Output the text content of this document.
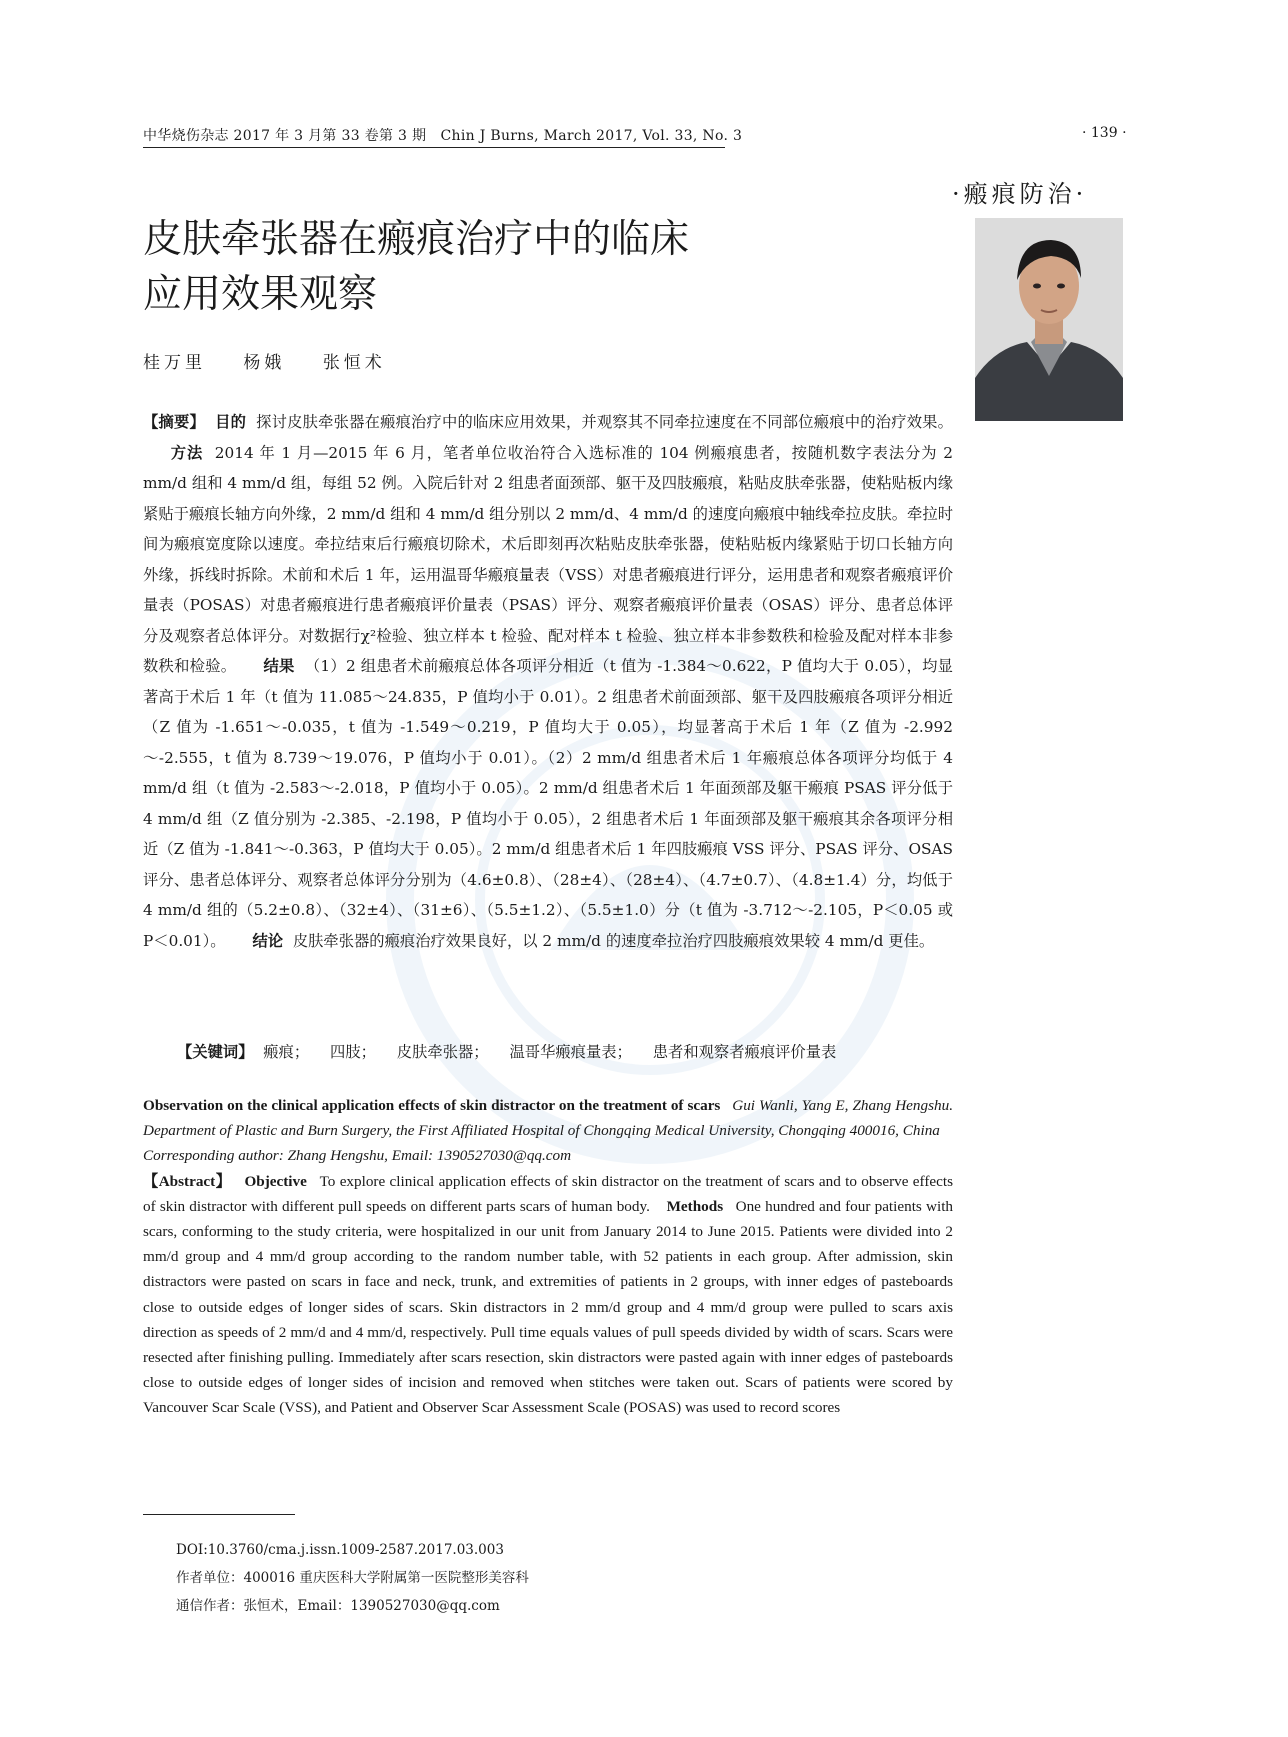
中华烧伤杂志 2017 年 3 月第 33 卷第 3 期 Chin J Burns, March 2017, Vol. 33, No. 3	· 139 ·
·瘢痕防治·
皮肤牵张器在瘢痕治疗中的临床
应用效果观察
桂万里 杨娥 张恒术
【摘要】 目的 探讨皮肤牵张器在瘢痕治疗中的临床应用效果，并观察其不同牵拉速度在不同部位瘢痕中的治疗效果。 方法 2014 年 1 月—2015 年 6 月，笔者单位收治符合入选标准的 104 例瘢痕患者，按随机数字表法分为 2 mm/d 组和 4 mm/d 组，每组 52 例。入院后针对 2 组患者面颈部、躯干及四肢瘢痕，粘贴皮肤牵张器，使粘贴板内缘紧贴于瘢痕长轴方向外缘，2 mm/d 组和 4 mm/d 组分别以 2 mm/d、4 mm/d 的速度向瘢痕中轴线牵拉皮肤。牵拉时间为瘢痕宽度除以速度。牵拉结束后行瘢痕切除术，术后即刻再次粘贴皮肤牵张器，使粘贴板内缘紧贴于切口长轴方向外缘，拆线时拆除。术前和术后 1 年，运用温哥华瘢痕量表（VSS）对患者瘢痕进行评分，运用患者和观察者瘢痕评价量表（POSAS）对患者瘢痕进行患者瘢痕评价量表（PSAS）评分、观察者瘢痕评价量表（OSAS）评分、患者总体评分及观察者总体评分。对数据行χ²检验、独立样本 t 检验、配对样本 t 检验、独立样本非参数秩和检验及配对样本非参数秩和检验。 结果 （1）2 组患者术前瘢痕总体各项评分相近（t 值为 -1.384～0.622，P 值均大于 0.05），均显著高于术后 1 年（t 值为 11.085～24.835，P 值均小于 0.01）。2 组患者术前面颈部、躯干及四肢瘢痕各项评分相近（Z 值为 -1.651～-0.035，t 值为 -1.549～0.219，P 值均大于 0.05），均显著高于术后 1 年（Z 值为 -2.992～-2.555，t 值为 8.739～19.076，P 值均小于 0.01）。（2）2 mm/d 组患者术后 1 年瘢痕总体各项评分均低于 4 mm/d 组（t 值为 -2.583～-2.018，P 值均小于 0.05）。2 mm/d 组患者术后 1 年面颈部及躯干瘢痕 PSAS 评分低于 4 mm/d 组（Z 值分别为 -2.385、-2.198，P 值均小于 0.05），2 组患者术后 1 年面颈部及躯干瘢痕其余各项评分相近（Z 值为 -1.841～-0.363，P 值均大于 0.05）。2 mm/d 组患者术后 1 年四肢瘢痕 VSS 评分、PSAS 评分、OSAS 评分、患者总体评分、观察者总体评分分别为（4.6±0.8）、（28±4）、（28±4）、（4.7±0.7）、（4.8±1.4）分，均低于 4 mm/d 组的（5.2±0.8）、（32±4）、（31±6）、（5.5±1.2）、（5.5±1.0）分（t 值为 -3.712～-2.105，P＜0.05 或 P＜0.01）。 结论 皮肤牵张器的瘢痕治疗效果良好，以 2 mm/d 的速度牵拉治疗四肢瘢痕效果较 4 mm/d 更佳。
【关键词】 瘢痕； 四肢； 皮肤牵张器； 温哥华瘢痕量表； 患者和观察者瘢痕评价量表
Observation on the clinical application effects of skin distractor on the treatment of scars Gui Wanli, Yang E, Zhang Hengshu. Department of Plastic and Burn Surgery, the First Affiliated Hospital of Chongqing Medical University, Chongqing 400016, China
Corresponding author: Zhang Hengshu, Email: 1390527030@qq.com
【Abstract】 Objective To explore clinical application effects of skin distractor on the treatment of scars and to observe effects of skin distractor with different pull speeds on different parts scars of human body. Methods One hundred and four patients with scars, conforming to the study criteria, were hospitalized in our unit from January 2014 to June 2015. Patients were divided into 2 mm/d group and 4 mm/d group according to the random number table, with 52 patients in each group. After admission, skin distractors were pasted on scars in face and neck, trunk, and extremities of patients in 2 groups, with inner edges of pasteboards close to outside edges of longer sides of scars. Skin distractors in 2 mm/d group and 4 mm/d group were pulled to scars axis direction as speeds of 2 mm/d and 4 mm/d, respectively. Pull time equals values of pull speeds divided by width of scars. Scars were resected after finishing pulling. Immediately after scars resection, skin distractors were pasted again with inner edges of pasteboards close to outside edges of longer sides of incision and removed when stitches were taken out. Scars of patients were scored by Vancouver Scar Scale (VSS), and Patient and Observer Scar Assessment Scale (POSAS) was used to record scores
DOI:10.3760/cma.j.issn.1009-2587.2017.03.003
作者单位：400016 重庆医科大学附属第一医院整形美容科
通信作者：张恒术，Email：1390527030@qq.com
